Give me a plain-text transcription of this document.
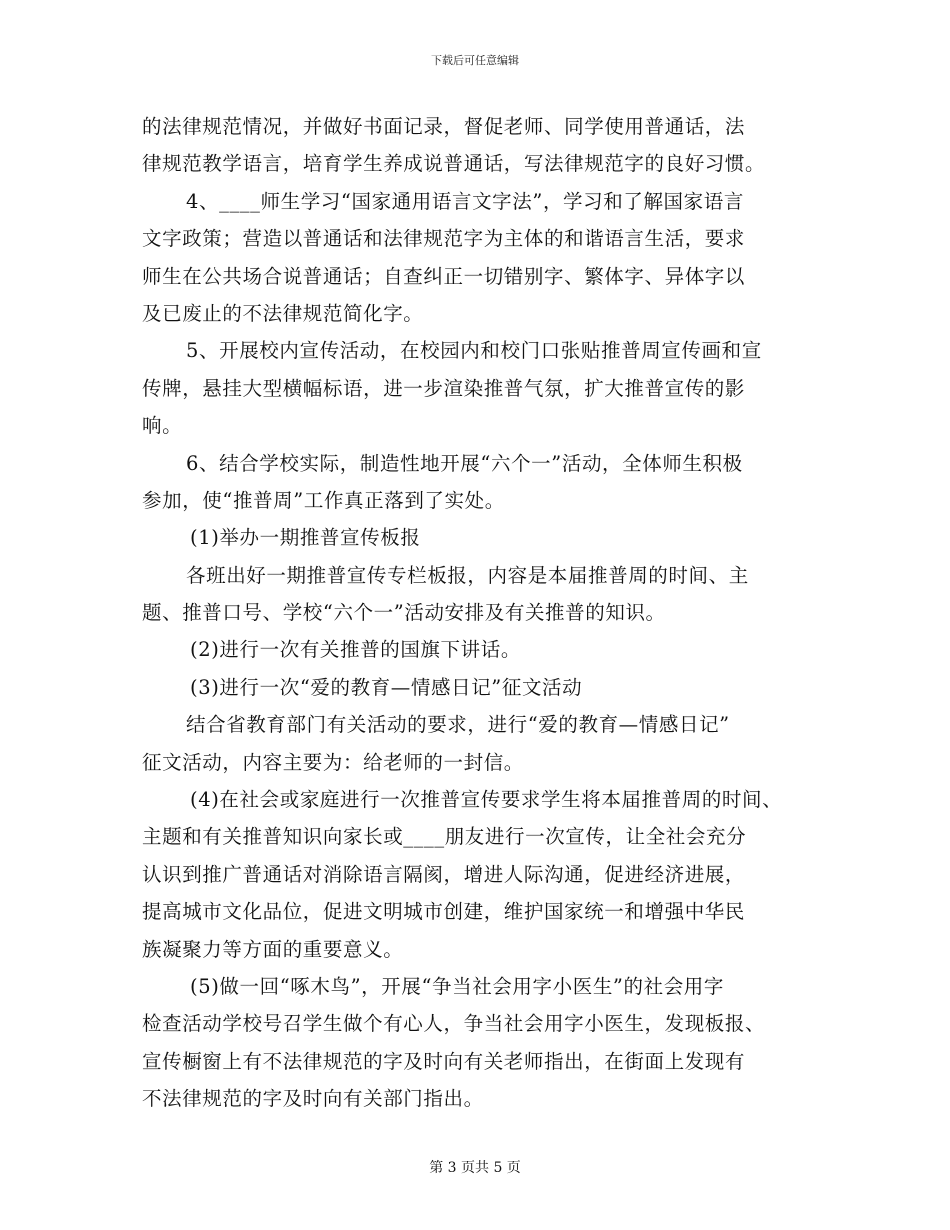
下载后可任意编辑
的法律规范情况，并做好书面记录，督促老师、同学使用普通话，法
律规范教学语言，培育学生养成说普通话，写法律规范字的良好习惯。
4、____师生学习“国家通用语言文字法”，学习和了解国家语言
文字政策；营造以普通话和法律规范字为主体的和谐语言生活，要求
师生在公共场合说普通话；自查纠正一切错别字、繁体字、异体字以
及已废止的不法律规范简化字。
5、开展校内宣传活动，在校园内和校门口张贴推普周宣传画和宣
传牌，悬挂大型横幅标语，进一步渲染推普气氛，扩大推普宣传的影
响。
6、结合学校实际，制造性地开展“六个一”活动，全体师生积极
参加，使“推普周”工作真正落到了实处。
(1)举办一期推普宣传板报
各班出好一期推普宣传专栏板报，内容是本届推普周的时间、主
题、推普口号、学校“六个一”活动安排及有关推普的知识。
(2)进行一次有关推普的国旗下讲话。
(3)进行一次“爱的教育—情感日记”征文活动
结合省教育部门有关活动的要求，进行“爱的教育—情感日记”
征文活动，内容主要为：给老师的一封信。
(4)在社会或家庭进行一次推普宣传要求学生将本届推普周的时间、
主题和有关推普知识向家长或____朋友进行一次宣传，让全社会充分
认识到推广普通话对消除语言隔阂，增进人际沟通，促进经济进展，
提高城市文化品位，促进文明城市创建，维护国家统一和增强中华民
族凝聚力等方面的重要意义。
(5)做一回“啄木鸟”，开展“争当社会用字小医生”的社会用字
检查活动学校号召学生做个有心人，争当社会用字小医生，发现板报、
宣传橱窗上有不法律规范的字及时向有关老师指出，在街面上发现有
不法律规范的字及时向有关部门指出。
第 3 页共 5 页
